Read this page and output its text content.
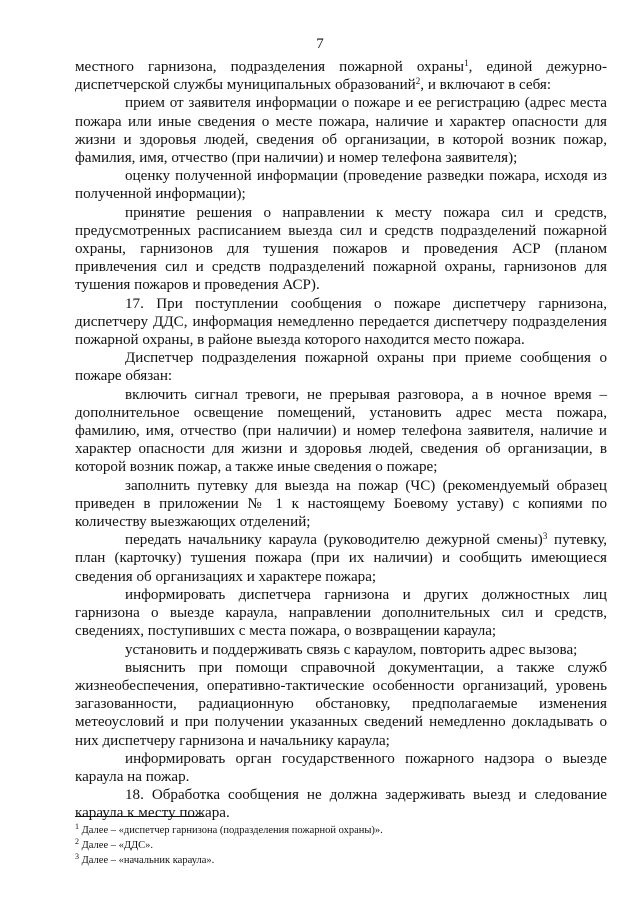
7

местного гарнизона, подразделения пожарной охраны$^1$, единой дежурно-диспетчерской службы муниципальных образований$^2$, и включают в себя:

прием от заявителя информации о пожаре и ее регистрацию (адрес места пожара или иные сведения о месте пожара, наличие и характер опасности для жизни и здоровья людей, сведения об организации, в которой возник пожар, фамилия, имя, отчество (при наличии) и номер телефона заявителя);

оценку полученной информации (проведение разведки пожара, исходя из полученной информации);

принятие решения о направлении к месту пожара сил и средств, предусмотренных расписанием выезда сил и средств подразделений пожарной охраны, гарнизонов для тушения пожаров и проведения АСР (планом привлечения сил и средств подразделений пожарной охраны, гарнизонов для тушения пожаров и проведения АСР).

17. При поступлении сообщения о пожаре диспетчеру гарнизона, диспетчеру ДДС, информация немедленно передается диспетчеру подразделения пожарной охраны, в районе выезда которого находится место пожара.

Диспетчер подразделения пожарной охраны при приеме сообщения о пожаре обязан:

включить сигнал тревоги, не прерывая разговора, а в ночное время – дополнительное освещение помещений, установить адрес места пожара, фамилию, имя, отчество (при наличии) и номер телефона заявителя, наличие и характер опасности для жизни и здоровья людей, сведения об организации, в которой возник пожар, а также иные сведения о пожаре;

заполнить путевку для выезда на пожар (ЧС) (рекомендуемый образец приведен в приложении № 1 к настоящему Боевому уставу) с копиями по количеству выезжающих отделений;

передать начальнику караула (руководителю дежурной смены)$^3$ путевку, план (карточку) тушения пожара (при их наличии) и сообщить имеющиеся сведения об организациях и характере пожара;

информировать диспетчера гарнизона и других должностных лиц гарнизона о выезде караула, направлении дополнительных сил и средств, сведениях, поступивших с места пожара, о возвращении караула;

установить и поддерживать связь с караулом, повторить адрес вызова;

выяснить при помощи справочной документации, а также служб жизнеобеспечения, оперативно-тактические особенности организаций, уровень загазованности, радиационную обстановку, предполагаемые изменения метеоусловий и при получении указанных сведений немедленно докладывать о них диспетчеру гарнизона и начальнику караула;

информировать орган государственного пожарного надзора о выезде караула на пожар.

18. Обработка сообщения не должна задерживать выезд и следование караула к месту пожара.

$^1$ Далее – «диспетчер гарнизона (подразделения пожарной охраны)».

$^2$ Далее – «ДДС».

$^3$ Далее – «начальник караула».
